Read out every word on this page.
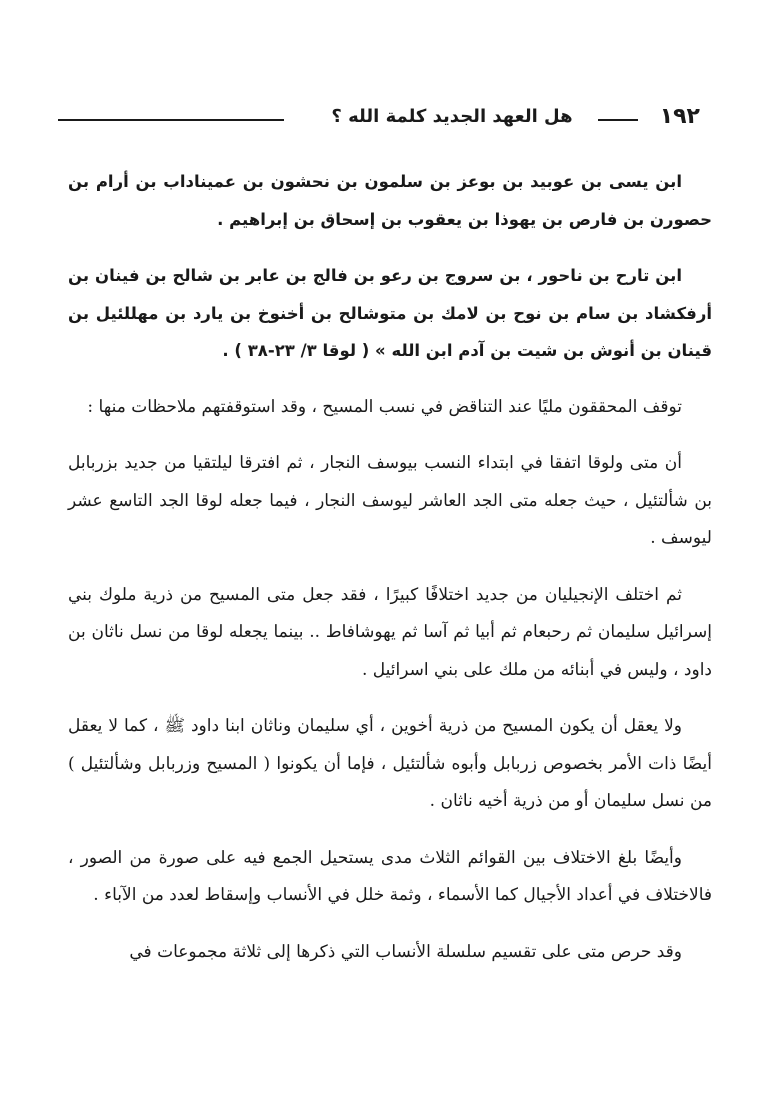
١٩٢
هل العهد الجديد كلمة الله ؟

ابن يسى بن عوبيد بن بوعز بن سلمون بن نحشون بن عميناداب بن أرام بن حصورن بن فارص بن يهوذا بن يعقوب بن إسحاق بن إبراهيم .

ابن تارح بن ناحور ، بن سروج بن رعو بن فالج بن عابر بن شالح بن فينان بن أرفكشاد بن سام بن نوح بن لامك بن متوشالح بن أخنوخ بن يارد بن مهللئيل بن قينان بن أنوش بن شيت بن آدم ابن الله » ( لوقا ٣/ ٢٣-٣٨ ) .

توقف المحققون مليًا عند التناقض في نسب المسيح ، وقد استوقفتهم ملاحظات منها :

أن متى ولوقا اتفقا في ابتداء النسب بيوسف النجار ، ثم افترقا ليلتقيا من جديد بزربابل بن شألتئيل ، حيث جعله متى الجد العاشر ليوسف النجار ، فيما جعله لوقا الجد التاسع عشر ليوسف .

ثم اختلف الإنجيليان من جديد اختلافًا كبيرًا ، فقد جعل متى المسيح من ذرية ملوك بني إسرائيل سليمان ثم رحبعام ثم أبيا ثم آسا ثم يهوشافاط .. بينما يجعله لوقا من نسل ناثان بن داود ، وليس في أبنائه من ملك على بني اسرائيل .

ولا يعقل أن يكون المسيح من ذرية أخوين ، أي سليمان وناثان ابنا داود ﷺ ، كما لا يعقل أيضًا ذات الأمر بخصوص زربابل وأبوه شألتئيل ، فإما أن يكونوا ( المسيح وزربابل وشألتئيل ) من نسل سليمان أو من ذرية أخيه ناثان .

وأيضًا بلغ الاختلاف بين القوائم الثلاث مدى يستحيل الجمع فيه على صورة من الصور ، فالاختلاف في أعداد الأجيال كما الأسماء ، وثمة خلل في الأنساب وإسقاط لعدد من الآباء .

وقد حرص متى على تقسيم سلسلة الأنساب التي ذكرها إلى ثلاثة مجموعات في
